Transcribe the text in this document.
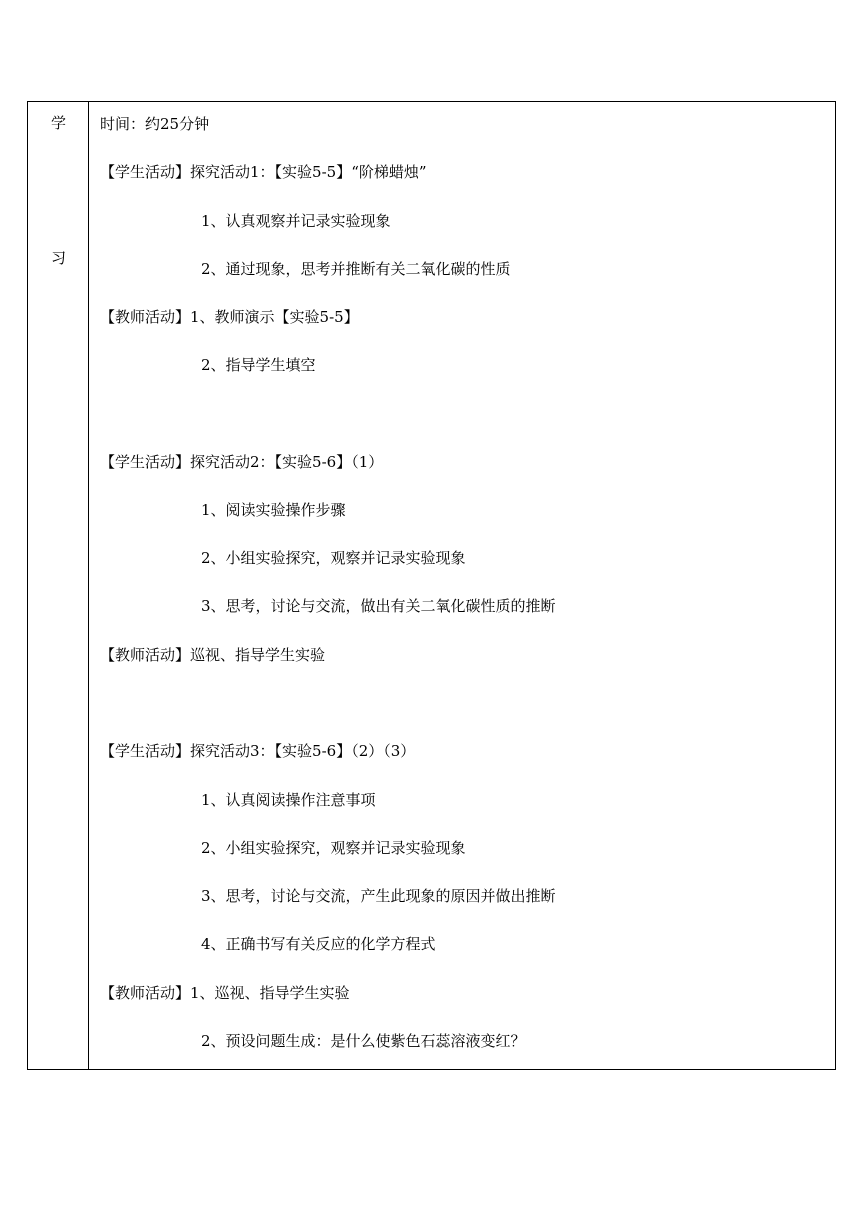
学
习
时间：约25分钟
【学生活动】探究活动1：【实验5-5】“阶梯蜡烛”
1、认真观察并记录实验现象
2、通过现象，思考并推断有关二氧化碳的性质
【教师活动】1、教师演示【实验5-5】
2、指导学生填空
【学生活动】探究活动2：【实验5-6】（1）
1、阅读实验操作步骤
2、小组实验探究，观察并记录实验现象
3、思考，讨论与交流，做出有关二氧化碳性质的推断
【教师活动】巡视、指导学生实验
【学生活动】探究活动3：【实验5-6】（2）（3）
1、认真阅读操作注意事项
2、小组实验探究，观察并记录实验现象
3、思考，讨论与交流，产生此现象的原因并做出推断
4、正确书写有关反应的化学方程式
【教师活动】1、巡视、指导学生实验
2、预设问题生成：是什么使紫色石蕊溶液变红？
